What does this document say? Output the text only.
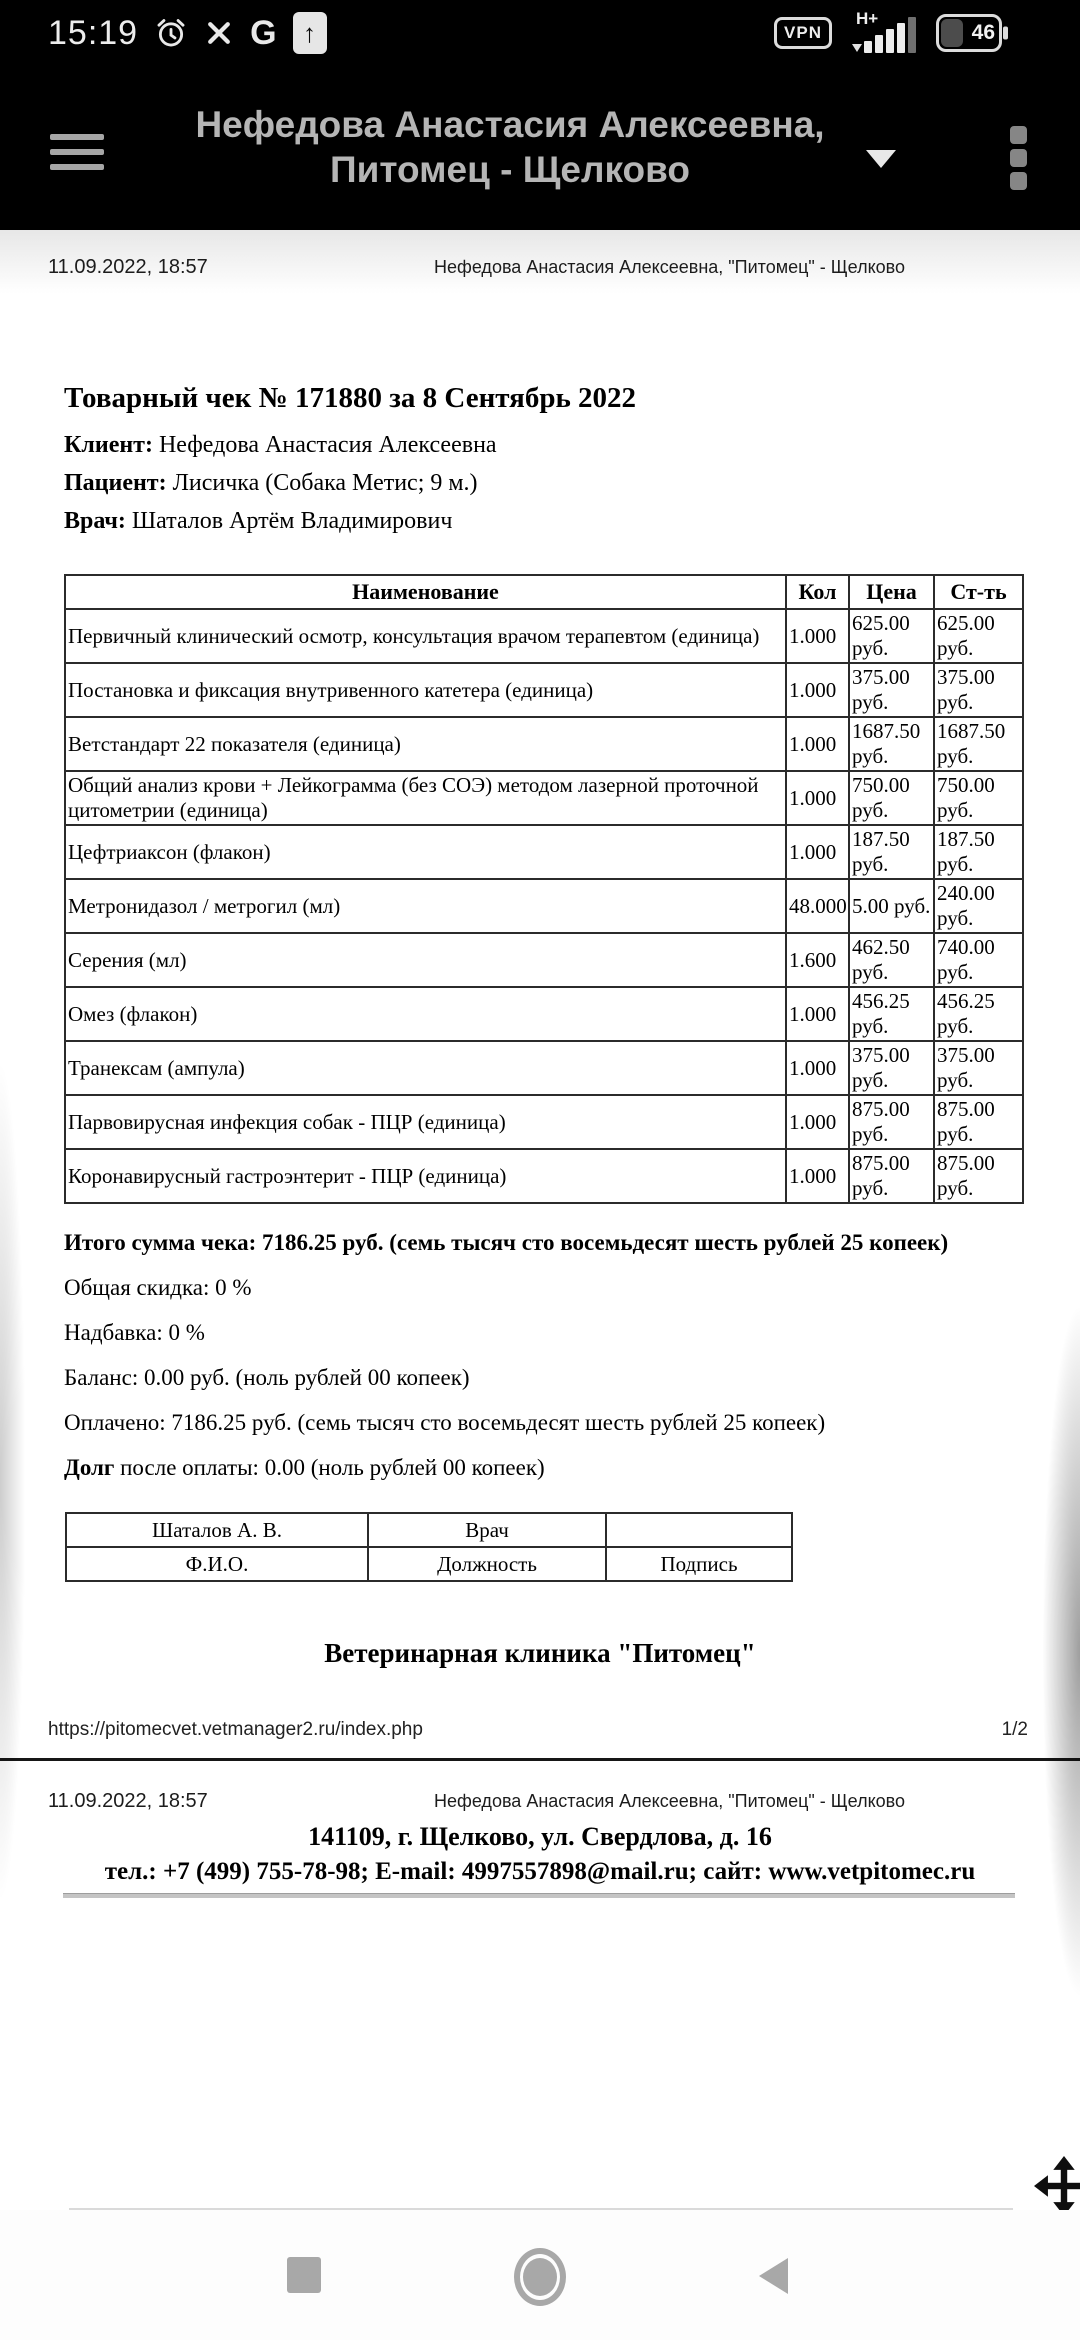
15:19	G ↑	VPN
H+
46
Нефедова Анастасия Алексеевна,
Питомец - Щелково
11.09.2022, 18:57	Нефедова Анастасия Алексеевна, "Питомец" - Щелково
Товарный чек № 171880 за 8 Сентябрь 2022
Клиент: Нефедова Анастасия Алексеевна
Пациент: Лисичка (Собака Метис; 9 м.)
Врач: Шаталов Артём Владимирович
Наименование	Кол	Цена	Ст-ть
Первичный клинический осмотр, консультация врачом терапевтом (единица)	1.000	625.00 руб.	625.00 руб.
Постановка и фиксация внутривенного катетера (единица)	1.000	375.00 руб.	375.00 руб.
Ветстандарт 22 показателя (единица)	1.000	1687.50 руб.	1687.50 руб.
Общий анализ крови + Лейкограмма (без СОЭ) методом лазерной проточной цитометрии (единица)	1.000	750.00 руб.	750.00 руб.
Цефтриаксон (флакон)	1.000	187.50 руб.	187.50 руб.
Метронидазол / метрогил (мл)	48.000	5.00 руб.	240.00 руб.
Серения (мл)	1.600	462.50 руб.	740.00 руб.
Омез (флакон)	1.000	456.25 руб.	456.25 руб.
Транексам (ампула)	1.000	375.00 руб.	375.00 руб.
Парвовирусная инфекция собак - ПЦР (единица)	1.000	875.00 руб.	875.00 руб.
Коронавирусный гастроэнтерит - ПЦР (единица)	1.000	875.00 руб.	875.00 руб.
Итого сумма чека: 7186.25 руб. (семь тысяч сто восемьдесят шесть рублей 25 копеек)
Общая скидка: 0 %
Надбавка: 0 %
Баланс: 0.00 руб. (ноль рублей 00 копеек)
Оплачено: 7186.25 руб. (семь тысяч сто восемьдесят шесть рублей 25 копеек)
Долг после оплаты: 0.00 (ноль рублей 00 копеек)
Шаталов А. В.	Врач	
Ф.И.О.	Должность	Подпись
Ветеринарная клиника "Питомец"
https://pitomecvet.vetmanager2.ru/index.php	1/2
11.09.2022, 18:57	Нефедова Анастасия Алексеевна, "Питомец" - Щелково
141109, г. Щелково, ул. Свердлова, д. 16
тел.: +7 (499) 755-78-98; E-mail: 4997557898@mail.ru; сайт: www.vetpitomec.ru
